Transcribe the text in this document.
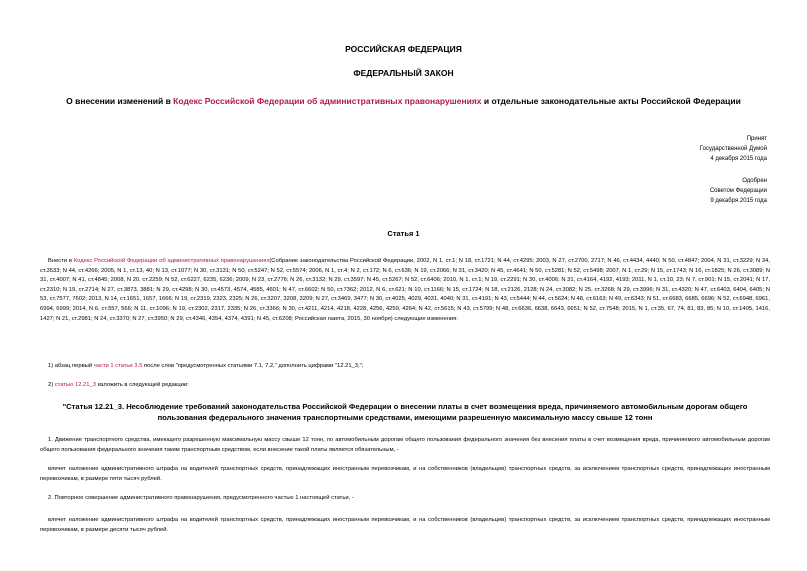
РОССИЙСКАЯ ФЕДЕРАЦИЯ
ФЕДЕРАЛЬНЫЙ ЗАКОН
О внесении изменений в Кодекс Российской Федерации об административных правонарушениях и отдельные законодательные акты Российской Федерации
Принят
Государственной Думой
4 декабря 2015 года
Одобрен
Советом Федерации
9 декабря 2015 года
Статья 1
Внести в Кодекс Российской Федерации об административных правонарушениях(Собрание законодательства Российской Федерации, 2002, N 1, ст.1; N 18, ст.1721; N 44, ст.4295; 2003, N 27, ст.2700, 2717; N 46, ст.4434, 4440; N 50, ст.4847; 2004, N 31, ст.3229; N 34, ст.3533; N 44, ст.4266; 2005, N 1, ст.13, 40; N 13, ст.1077; N 30, ст.3131; N 50, ст.5247; N 52, ст.5574; 2006, N 1, ст.4; N 2, ст.172; N 6, ст.636; N 19, ст.2066; N 31, ст.3420; N 45, ст.4641; N 50, ст.5281; N 52, ст.5498; 2007, N 1, ст.29; N 15, ст.1743; N 16, ст.1825; N 26, ст.3089; N 31, ст.4007; N 41, ст.4845; 2008, N 20, ст.2259; N 52, ст.6227, 6235, 6236; 2009, N 23, ст.2776; N 26, ст.3132; N 29, ст.3597; N 45, ст.5267; N 52, ст.6406; 2010, N 1, ст.1; N 19, ст.2291; N 30, ст.4006; N 31, ст.4164, 4192, 4193; 2011, N 1, ст.10, 23; N 7, ст.901; N 15, ст.2041; N 17, ст.2310; N 19, ст.2714; N 27, ст.3873, 3881; N 29, ст.4298; N 30, ст.4573, 4574, 4585, 4601; N 47, ст.6602; N 50, ст.7362; 2012, N 6, ст.621; N 10, ст.1166; N 15, ст.1724; N 18, ст.2126, 2128; N 24, ст.3082; N 25, ст.3268; N 29, ст.3996; N 31, ст.4320; N 47, ст.6403, 6404, 6405; N 53, ст.7577, 7602; 2013, N 14, ст.1651, 1657, 1666; N 19, ст.2319, 2323, 2325; N 26, ст.3207, 3208, 3209; N 27, ст.3469, 3477; N 30, ст.4025, 4029, 4031, 4040; N 31, ст.4191; N 43, ст.5444; N 44, ст.5624; N 48, ст.6163; N 49, ст.6343; N 51, ст.6683, 6685, 6696; N 52, ст.6948, 6961, 6994, 6999; 2014, N 6, ст.557, 566; N 11, ст.1096; N 19, ст.2302, 2317, 2335; N 26, ст.3366; N 30, ст.4211, 4214, 4218, 4228, 4256, 4259, 4264; N 42, ст.5615; N 43, ст.5799; N 48, ст.6636, 6638, 6643, 6651; N 52, ст.7548; 2015, N 1, ст.35, 67, 74, 81, 83, 85; N 10, ст.1405, 1416, 1427; N 21, ст.2981; N 24, ст.3370; N 27, ст.3950; N 29, ст.4346, 4354, 4374, 4391; N 45, ст.6208; Российская газета, 2015, 30 ноября) следующие изменения:
1) абзац первый части 1 статьи 3.5 после слов "предусмотренных статьями 7.1, 7.2," дополнить цифрами "12.21_3,";
2) статью 12.21_3 изложить в следующей редакции:
"Статья 12.21_3. Несоблюдение требований законодательства Российской Федерации о внесении платы в счет возмещения вреда, причиняемого автомобильным дорогам общего пользования федерального значения транспортными средствами, имеющими разрешенную максимальную массу свыше 12 тонн
1. Движение транспортного средства, имеющего разрешенную максимальную массу свыше 12 тонн, по автомобильным дорогам общего пользования федерального значения без внесения платы в счет возмещения вреда, причиняемого автомобильным дорогам общего пользования федерального значения таким транспортным средством, если внесение такой платы является обязательным, -
влечет наложение административного штрафа на водителей транспортных средств, принадлежащих иностранным перевозчикам, и на собственников (владельцев) транспортных средств, за исключением транспортных средств, принадлежащих иностранным перевозчикам, в размере пяти тысяч рублей.
2. Повторное совершение административного правонарушения, предусмотренного частью 1 настоящей статьи, -
влечет наложение административного штрафа на водителей транспортных средств, принадлежащих иностранным перевозчикам, и на собственников (владельцев) транспортных средств, за исключением транспортных средств, принадлежащих иностранным перевозчикам, в размере десяти тысяч рублей.
